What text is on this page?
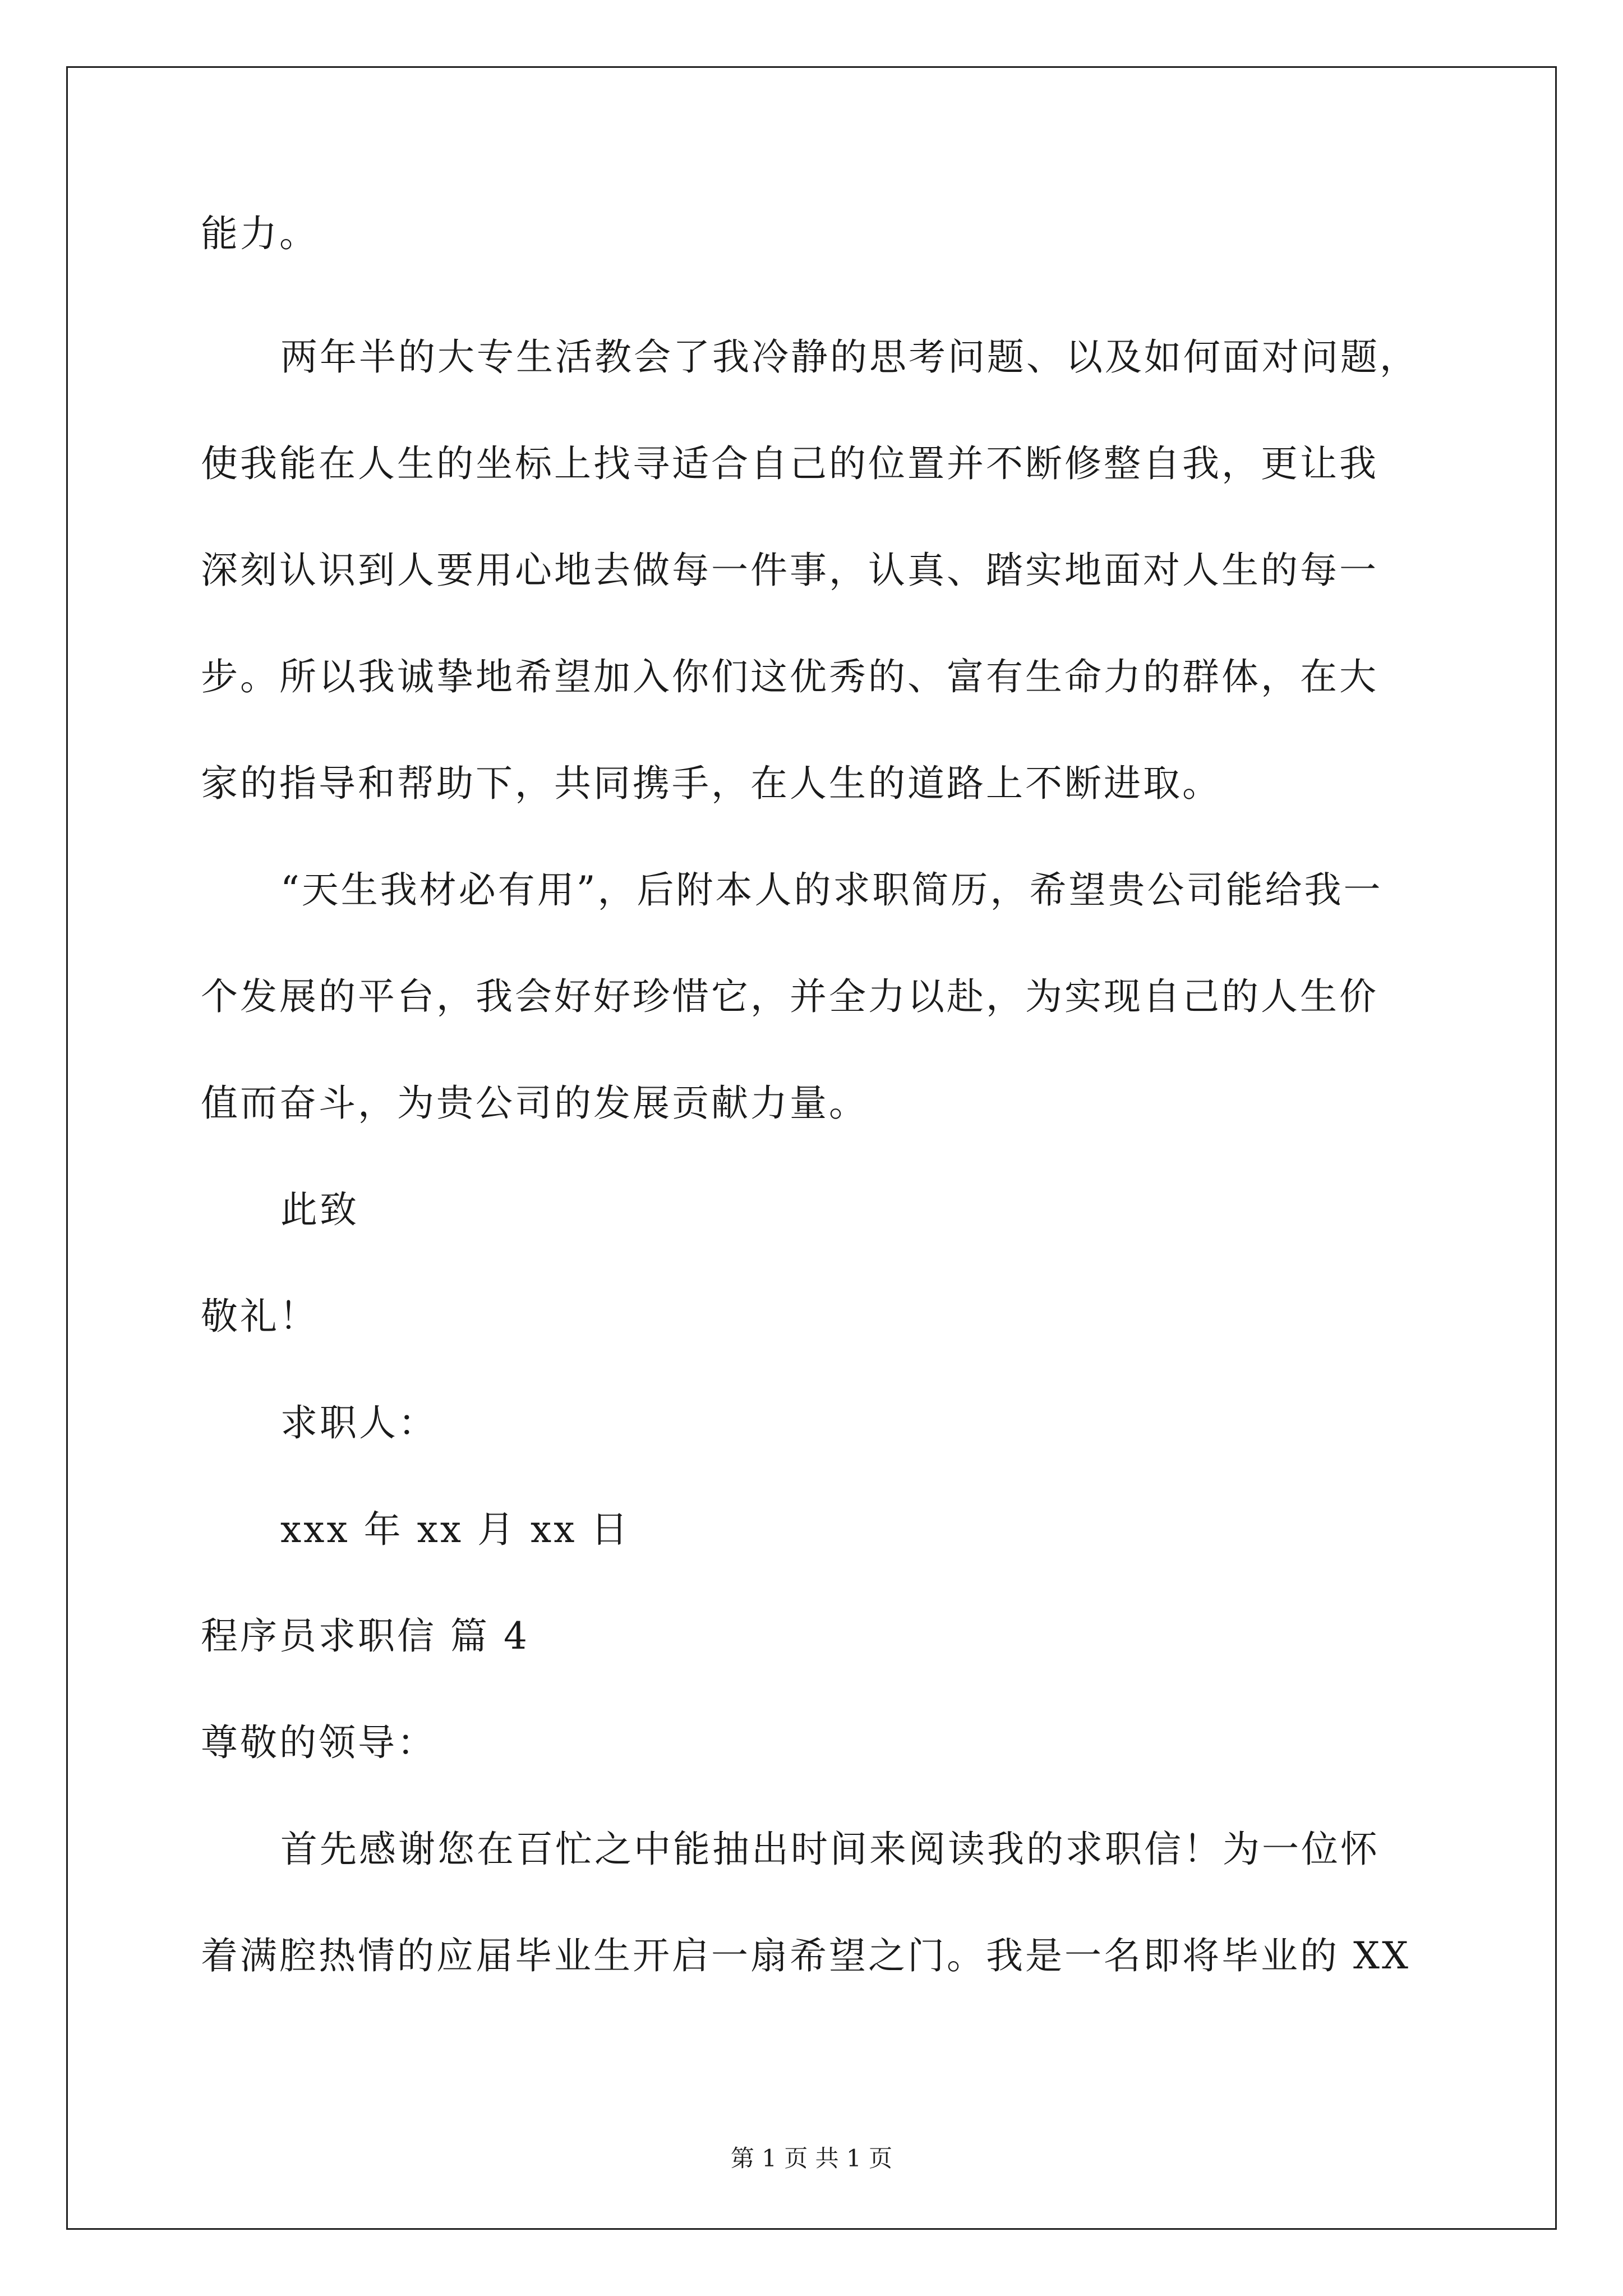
能力。

两年半的大专生活教会了我冷静的思考问题、以及如何面对问题，

使我能在人生的坐标上找寻适合自己的位置并不断修整自我，更让我

深刻认识到人要用心地去做每一件事，认真、踏实地面对人生的每一

步。所以我诚挚地希望加入你们这优秀的、富有生命力的群体，在大

家的指导和帮助下，共同携手，在人生的道路上不断进取。

“天生我材必有用”，后附本人的求职简历，希望贵公司能给我一

个发展的平台，我会好好珍惜它，并全力以赴，为实现自己的人生价

值而奋斗，为贵公司的发展贡献力量。

此致

敬礼！

求职人：

xxx 年 xx 月 xx 日

程序员求职信 篇 4

尊敬的领导：

首先感谢您在百忙之中能抽出时间来阅读我的求职信！为一位怀

着满腔热情的应届毕业生开启一扇希望之门。我是一名即将毕业的 XX

第 1 页 共 1 页
